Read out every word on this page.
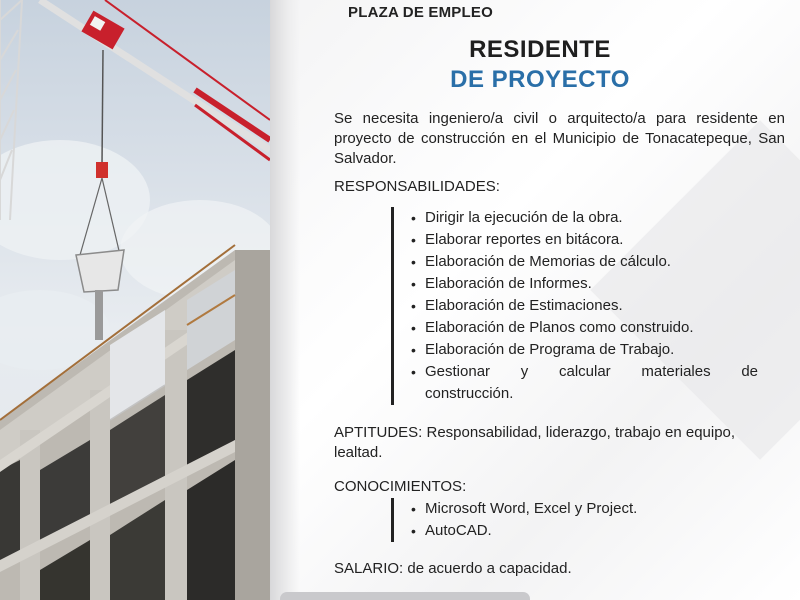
PLAZA DE EMPLEO
RESIDENTE
DE PROYECTO

Se necesita ingeniero/a civil o arquitecto/a para residente en proyecto de construcción en el Municipio de Tonacatepeque, San Salvador.

RESPONSABILIDADES:
• Dirigir la ejecución de la obra.
• Elaborar reportes en bitácora.
• Elaboración de Memorias de cálculo.
• Elaboración de Informes.
• Elaboración de Estimaciones.
• Elaboración de Planos como construido.
• Elaboración de Programa de Trabajo.
• Gestionar y calcular materiales de
construcción.
APTITUDES: Responsabilidad, liderazgo, trabajo en equipo, lealtad.
CONOCIMIENTOS:
• Microsoft Word, Excel y Project.
• AutoCAD.
SALARIO: de acuerdo a capacidad.
